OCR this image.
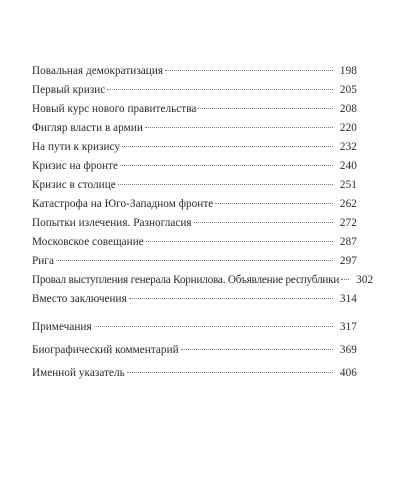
Повальная демократизация	198
Первый кризис	205
Новый курс нового правительства	208
Фигляр власти в армии	220
На пути к кризису	232
Кризис на фронте	240
Кризис в столице	251
Катастрофа на Юго-Западном фронте	262
Попытки излечения. Разногласия	272
Московское совещание	287
Рига	297
Провал выступления генерала Корнилова. Объявление республики	302
Вместо заключения	314
Примечания	317
Биографический комментарий	369
Именной указатель	406
